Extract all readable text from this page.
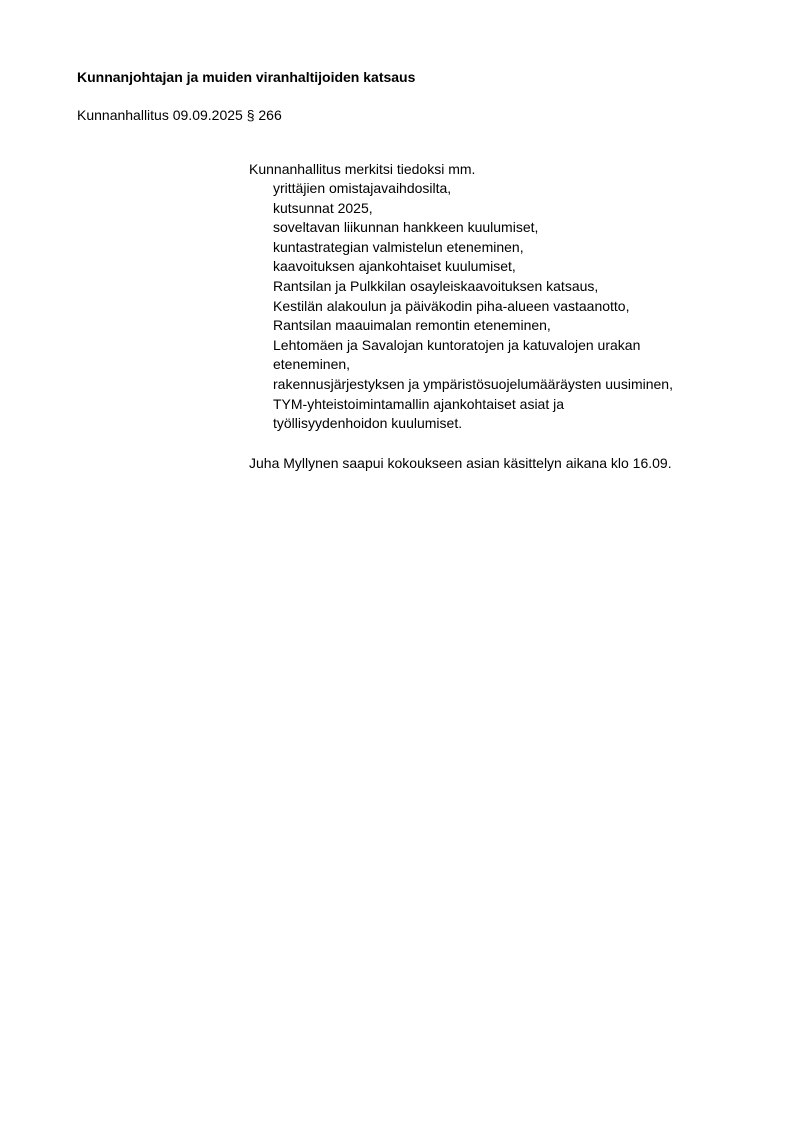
Kunnanjohtajan ja muiden viranhaltijoiden katsaus
Kunnanhallitus 09.09.2025 § 266
Kunnanhallitus merkitsi tiedoksi mm.
yrittäjien omistajavaihdosilta,
kutsunnat 2025,
soveltavan liikunnan hankkeen kuulumiset,
kuntastrategian valmistelun eteneminen,
kaavoituksen ajankohtaiset kuulumiset,
Rantsilan ja Pulkkilan osayleiskaavoituksen katsaus,
Kestilän alakoulun ja päiväkodin piha-alueen vastaanotto,
Rantsilan maauimalan remontin eteneminen,
Lehtomäen ja Savalojan kuntoratojen ja katuvalojen urakan
eteneminen,
rakennusjärjestyksen ja ympäristösuojelumääräysten uusiminen,
TYM-yhteistoimintamallin ajankohtaiset asiat ja
työllisyydenhoidon kuulumiset.
Juha Myllynen saapui kokoukseen asian käsittelyn aikana klo 16.09.
